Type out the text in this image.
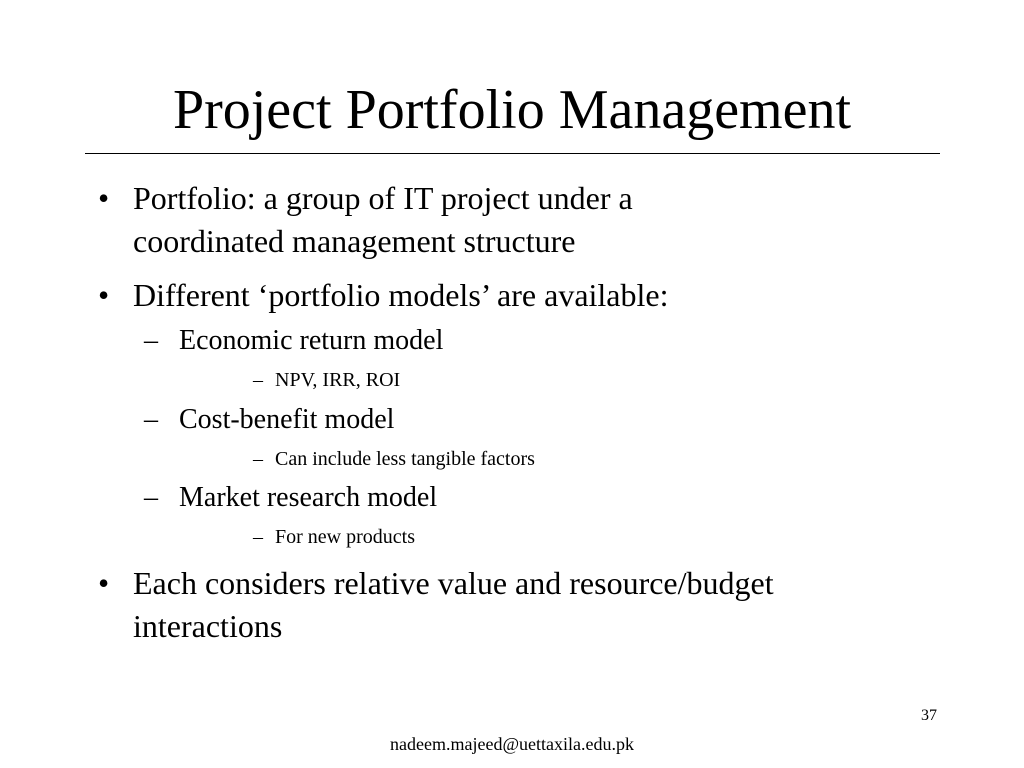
Project Portfolio Management
• Portfolio: a group of IT project under a
coordinated management structure
• Different ‘portfolio models’ are available:
– Economic return model
– NPV, IRR, ROI
– Cost-benefit model
– Can include less tangible factors
– Market research model
– For new products
• Each considers relative value and resource/budget
interactions
37
nadeem.majeed@uettaxila.edu.pk
